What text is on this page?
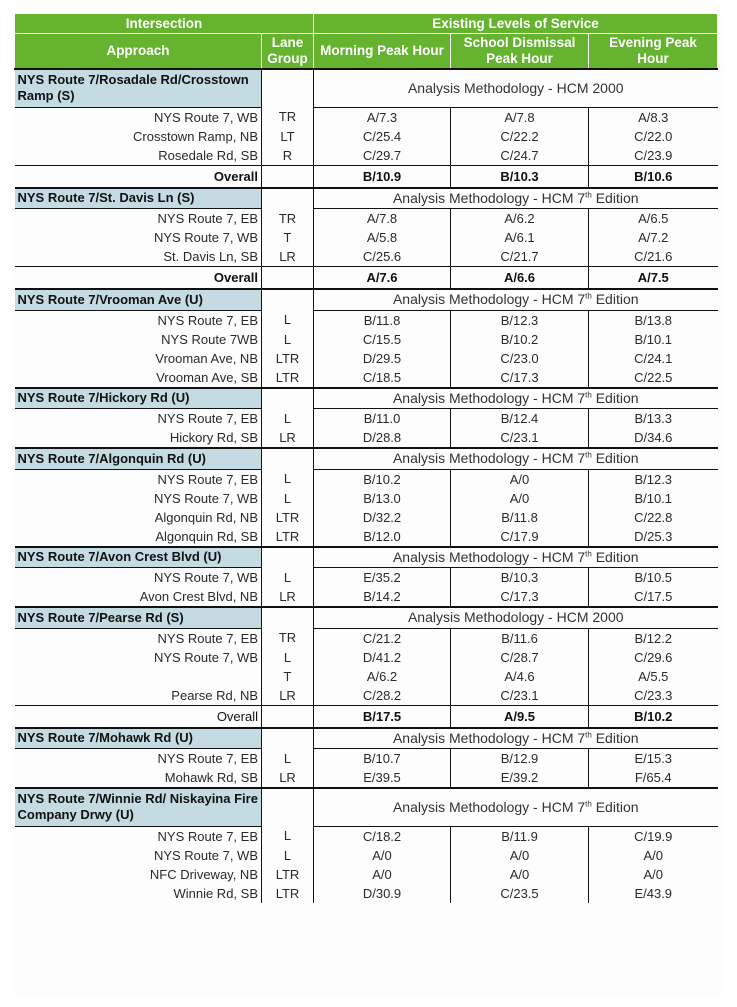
Intersection		Existing Levels of Service		
Approach	Lane Group	Morning Peak Hour	School Dismissal Peak Hour	Evening Peak Hour
NYS Route 7/Rosadale Rd/Crosstown Ramp (S)		Analysis Methodology - HCM 2000		
NYS Route 7, WB	TR	A/7.3	A/7.8	A/8.3
Crosstown Ramp, NB	LT	C/25.4	C/22.2	C/22.0
Rosedale Rd, SB	R	C/29.7	C/24.7	C/23.9
Overall		B/10.9	B/10.3	B/10.6
NYS Route 7/St. Davis Ln (S)		Analysis Methodology - HCM 7th Edition		
NYS Route 7, EB	TR	A/7.8	A/6.2	A/6.5
NYS Route 7, WB	T	A/5.8	A/6.1	A/7.2
St. Davis Ln, SB	LR	C/25.6	C/21.7	C/21.6
Overall		A/7.6	A/6.6	A/7.5
NYS Route 7/Vrooman Ave (U)		Analysis Methodology - HCM 7th Edition		
NYS Route 7, EB	L	B/11.8	B/12.3	B/13.8
NYS Route 7WB	L	C/15.5	B/10.2	B/10.1
Vrooman Ave, NB	LTR	D/29.5	C/23.0	C/24.1
Vrooman Ave, SB	LTR	C/18.5	C/17.3	C/22.5
NYS Route 7/Hickory Rd (U)		Analysis Methodology - HCM 7th Edition		
NYS Route 7, EB	L	B/11.0	B/12.4	B/13.3
Hickory Rd, SB	LR	D/28.8	C/23.1	D/34.6
NYS Route 7/Algonquin Rd (U)		Analysis Methodology - HCM 7th Edition		
NYS Route 7, EB	L	B/10.2	A/0	B/12.3
NYS Route 7, WB	L	B/13.0	A/0	B/10.1
Algonquin Rd, NB	LTR	D/32.2	B/11.8	C/22.8
Algonquin Rd, SB	LTR	B/12.0	C/17.9	D/25.3
NYS Route 7/Avon Crest Blvd (U)		Analysis Methodology - HCM 7th Edition		
NYS Route 7, WB	L	E/35.2	B/10.3	B/10.5
Avon Crest Blvd, NB	LR	B/14.2	C/17.3	C/17.5
NYS Route 7/Pearse Rd (S)		Analysis Methodology - HCM 2000		
NYS Route 7, EB	TR	C/21.2	B/11.6	B/12.2
NYS Route 7, WB	L	D/41.2	C/28.7	C/29.6
	T	A/6.2	A/4.6	A/5.5
Pearse Rd, NB	LR	C/28.2	C/23.1	C/23.3
Overall		B/17.5	A/9.5	B/10.2
NYS Route 7/Mohawk Rd (U)		Analysis Methodology - HCM 7th Edition		
NYS Route 7, EB	L	B/10.7	B/12.9	E/15.3
Mohawk Rd, SB	LR	E/39.5	E/39.2	F/65.4
NYS Route 7/Winnie Rd/ Niskayina Fire Company Drwy (U)		Analysis Methodology - HCM 7th Edition		
NYS Route 7, EB	L	C/18.2	B/11.9	C/19.9
NYS Route 7, WB	L	A/0	A/0	A/0
NFC Driveway, NB	LTR	A/0	A/0	A/0
Winnie Rd, SB	LTR	D/30.9	C/23.5	E/43.9
